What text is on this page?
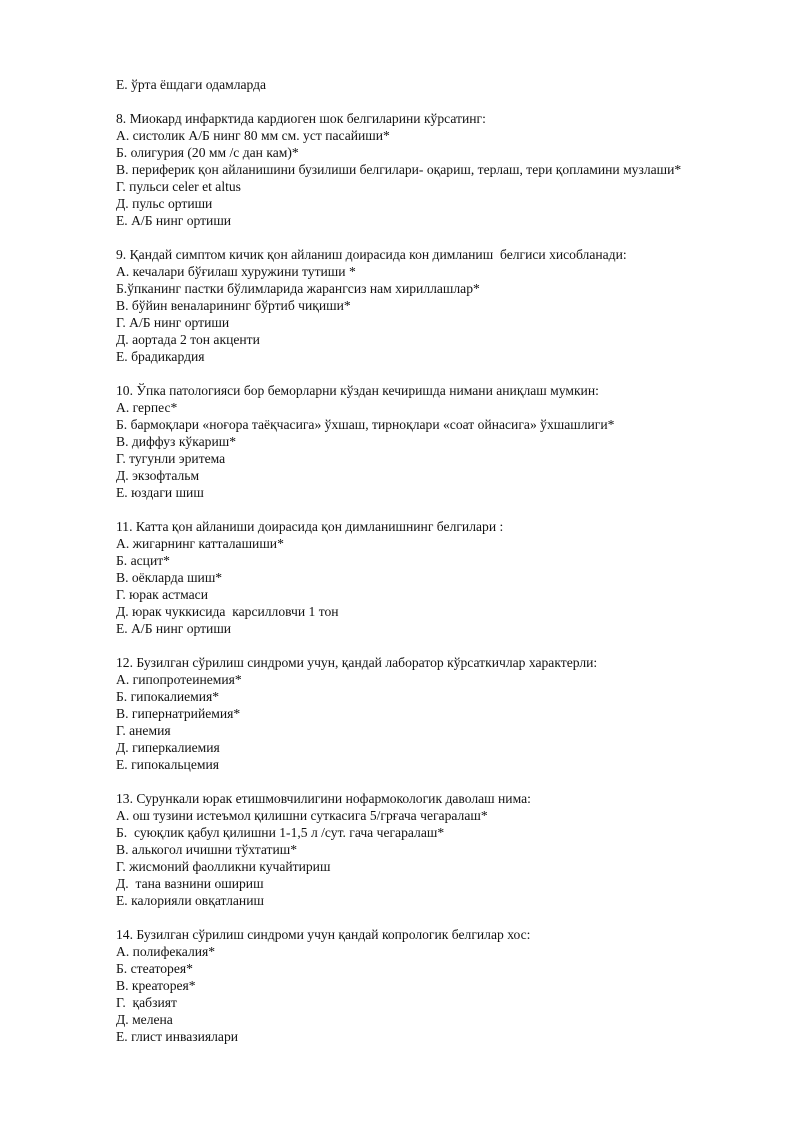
Е. ўрта ёшдаги одамларда
8. Миокард инфарктида кардиоген шок белгиларини кўрсатинг:
А. систолик А/Б нинг 80 мм см. уст пасайиши*
Б. олигурия (20 мм /с дан кам)*
В. периферик қон айланишини бузилиши белгилари- оқариш, терлаш, тери қопламини музлаши*
Г. пульси celer et altus
Д. пульс ортиши
Е. А/Б нинг ортиши
9. Қандай симптом кичик қон айланиш доирасида кон димланиш  белгиси хисобланади:
А. кечалари бўғилаш хуружини тутиши *
Б.ўпканинг пастки бўлимларида жарангсиз нам хириллашлар*
В. бўйин веналарининг бўртиб чиқиши*
Г. А/Б нинг ортиши
Д. аортада 2 тон акценти
Е. брадикардия
10. Ўпка патологияси бор беморларни кўздан кечиришда нимани аниқлаш мумкин:
А. герпес*
Б. бармоқлари «ноғора таёқчасига» ўхшаш, тирноқлари «соат ойнасига» ўхшашлиги*
В. диффуз кўкариш*
Г. тугунли эритема
Д. экзофтальм
Е. юздаги шиш
11. Катта қон айланиши доирасида қон димланишнинг белгилари :
А. жигарнинг катталашиши*
Б. асцит*
В. оёкларда шиш*
Г. юрак астмаси
Д. юрак чуккисида  карсилловчи 1 тон
Е. А/Б нинг ортиши
12. Бузилган сўрилиш синдроми учун, қандай лаборатор кўрсаткичлар характерли:
А. гипопротеинемия*
Б. гипокалиемия*
В. гипернатрийемия*
Г. анемия
Д. гиперкалиемия
Е. гипокальцемия
13. Сурункали юрак етишмовчилигини нофармокологик даволаш нима:
А. ош тузини истеъмол қилишни суткасига 5/грғача чегаралаш*
Б.  суюқлик қабул қилишни 1-1,5 л /сут. гача чегаралаш*
В. алькогол ичишни тўхтатиш*
Г. жисмоний фаолликни кучайтириш
Д.  тана вазнини ошириш
Е. калорияли овқатланиш
14. Бузилган сўрилиш синдроми учун қандай копрологик белгилар хос:
А. полифекалия*
Б. стеаторея*
В. креаторея*
Г.  қабзият
Д. мелена
Е. глист инвазиялари
